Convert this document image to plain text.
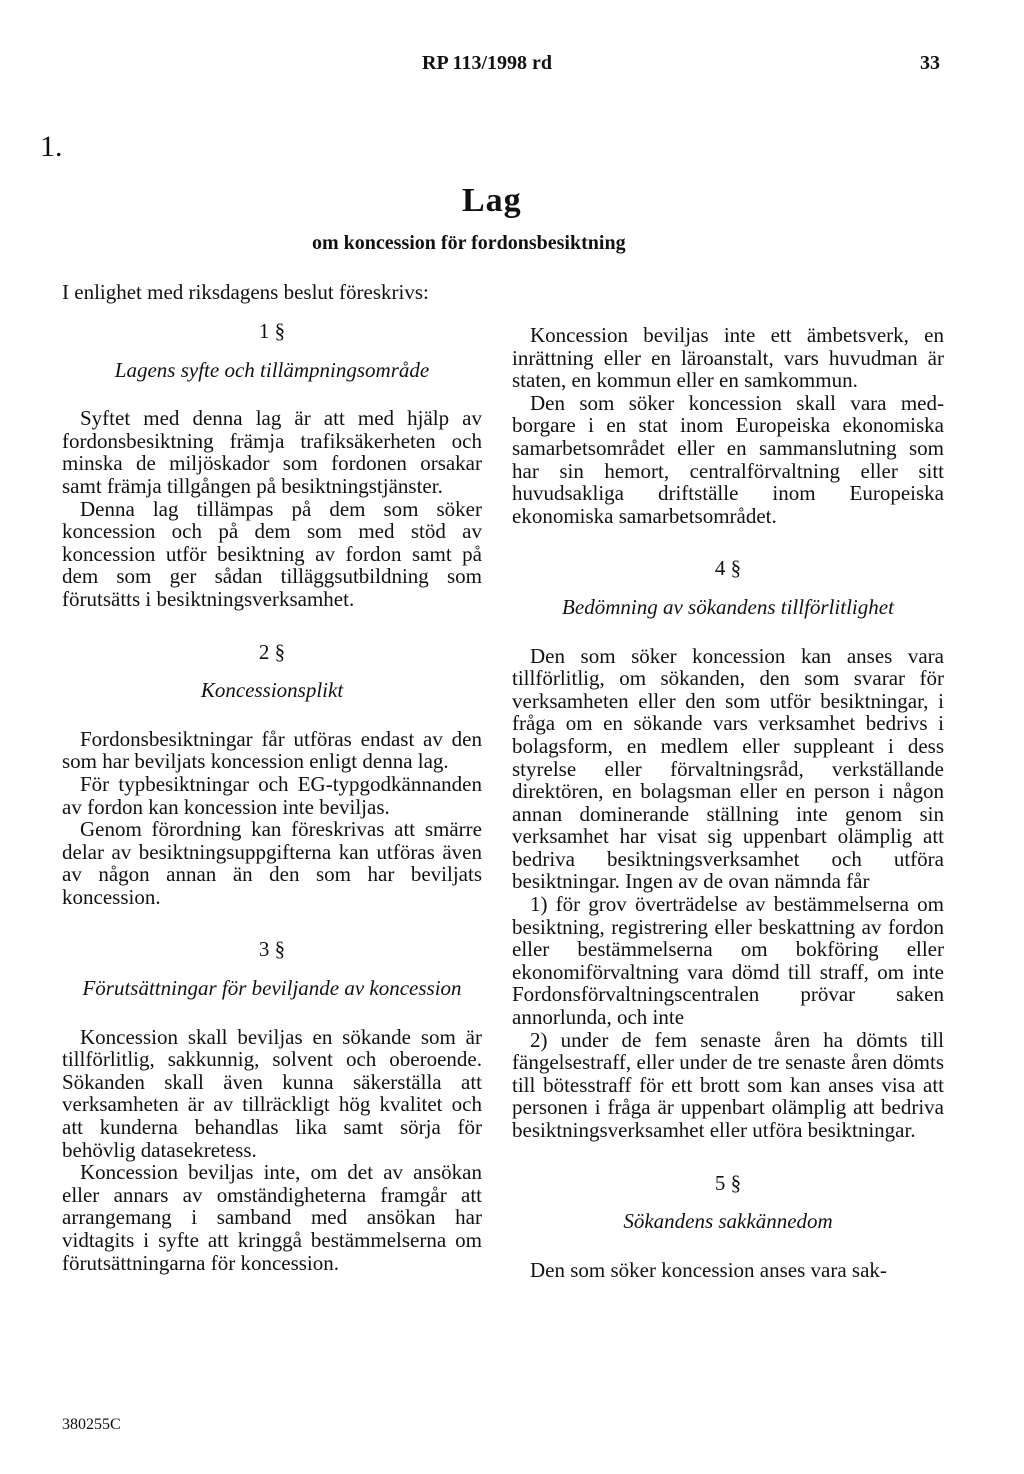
RP 113/1998 rd	33
1.
Lag
om koncession för fordonsbesiktning
I enlighet med riksdagens beslut föreskrivs:

1 §

Lagens syfte och tillämpningsområde

Syftet med denna lag är att med hjälp av fordonsbesiktning främja trafiksäkerheten och minska de miljöskador som fordonen orsakar samt främja tillgången på besiktningstjänster.

Denna lag tillämpas på dem som söker koncession och på dem som med stöd av koncession utför besiktning av fordon samt på dem som ger sådan tilläggsutbildning som förutsätts i besiktningsverksamhet.

2 §

Koncessionsplikt

Fordonsbesiktningar får utföras endast av den som har beviljats koncession enligt denna lag.

För typbesiktningar och EG-typgodkännanden av fordon kan koncession inte beviljas.

Genom förordning kan föreskrivas att smärre delar av besiktningsuppgifterna kan utföras även av någon annan än den som har beviljats koncession.

3 §

Förutsättningar för beviljande av koncession

Koncession skall beviljas en sökande som är tillförlitlig, sakkunnig, solvent och oberoende. Sökanden skall även kunna säkerställa att verksamheten är av tillräckligt hög kvalitet och att kunderna behandlas lika samt sörja för behövlig datasekretess.

Koncession beviljas inte, om det av ansökan eller annars av omständigheterna framgår att arrangemang i samband med ansökan har vidtagits i syfte att kringgå bestämmelserna om förutsättningarna för koncession.

Koncession beviljas inte ett ämbetsverk, en inrättning eller en läroanstalt, vars huvudman är staten, en kommun eller en samkommun.

Den som söker koncession skall vara medborgare i en stat inom Europeiska ekonomiska samarbetsområdet eller en sammanslutning som har sin hemort, centralförvaltning eller sitt huvudsakliga driftställe inom Europeiska ekonomiska samarbetsområdet.

4 §

Bedömning av sökandens tillförlitlighet

Den som söker koncession kan anses vara tillförlitlig, om sökanden, den som svarar för verksamheten eller den som utför besiktningar, i fråga om en sökande vars verksamhet bedrivs i bolagsform, en medlem eller suppleant i dess styrelse eller förvaltningsråd, verkställande direktören, en bolagsman eller en person i någon annan dominerande ställning inte genom sin verksamhet har visat sig uppenbart olämplig att bedriva besiktningsverksamhet och utföra besiktningar. Ingen av de ovan nämnda får

1) för grov överträdelse av bestämmelserna om besiktning, registrering eller beskattning av fordon eller bestämmelserna om bokföring eller ekonomiförvaltning vara dömd till straff, om inte Fordonsförvaltningscentralen prövar saken annorlunda, och inte

2) under de fem senaste åren ha dömts till fängelsestraff, eller under de tre senaste åren dömts till bötesstraff för ett brott som kan anses visa att personen i fråga är uppenbart olämplig att bedriva besiktningsverksamhet eller utföra besiktningar.

5 §

Sökandens sakkännedom

Den som söker koncession anses vara sak-

380255C
